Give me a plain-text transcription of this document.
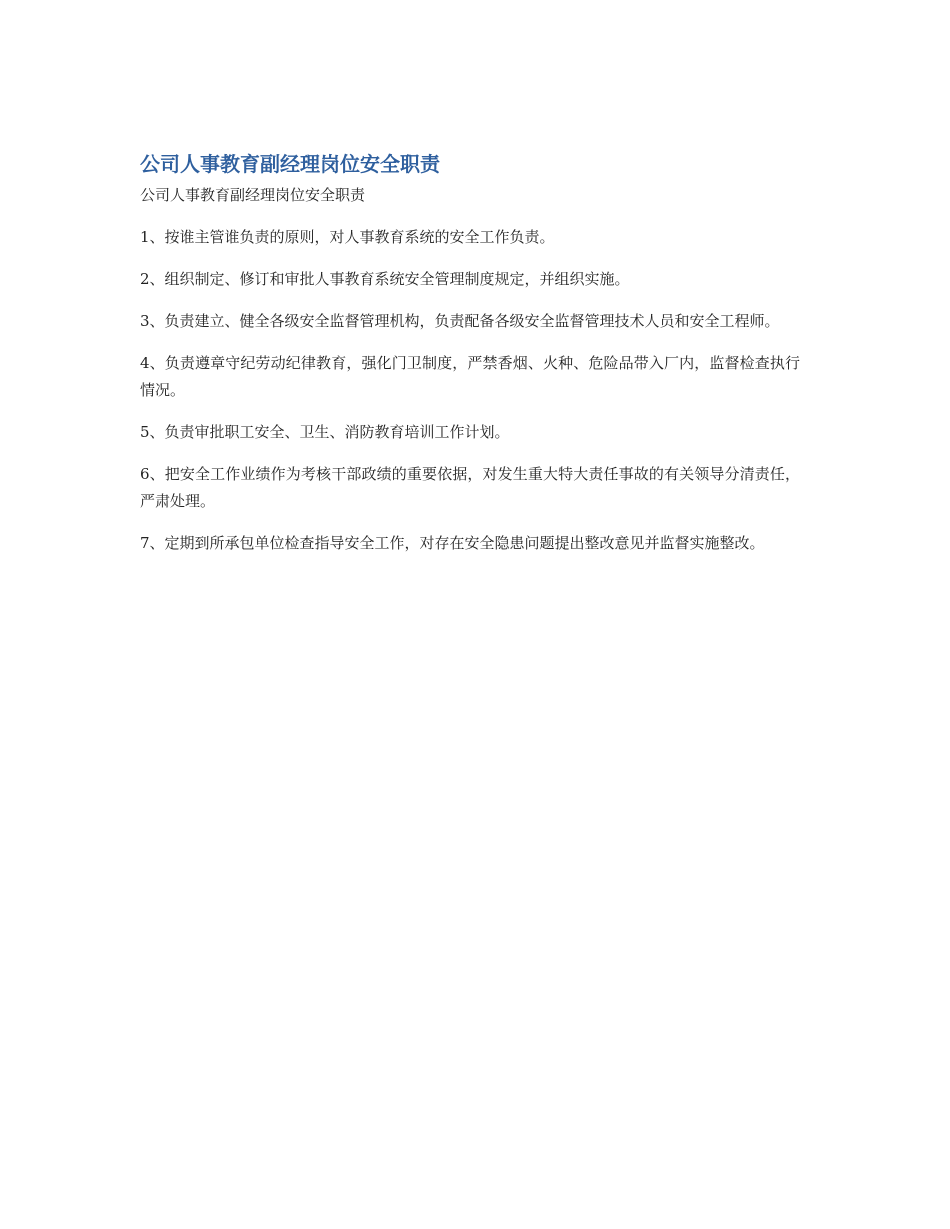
公司人事教育副经理岗位安全职责
公司人事教育副经理岗位安全职责
1、按谁主管谁负责的原则，对人事教育系统的安全工作负责。
2、组织制定、修订和审批人事教育系统安全管理制度规定，并组织实施。
3、负责建立、健全各级安全监督管理机构，负责配备各级安全监督管理技术人员和安全工程师。
4、负责遵章守纪劳动纪律教育，强化门卫制度，严禁香烟、火种、危险品带入厂内，监督检查执行情况。
5、负责审批职工安全、卫生、消防教育培训工作计划。
6、把安全工作业绩作为考核干部政绩的重要依据，对发生重大特大责任事故的有关领导分清责任，严肃处理。
7、定期到所承包单位检查指导安全工作，对存在安全隐患问题提出整改意见并监督实施整改。
